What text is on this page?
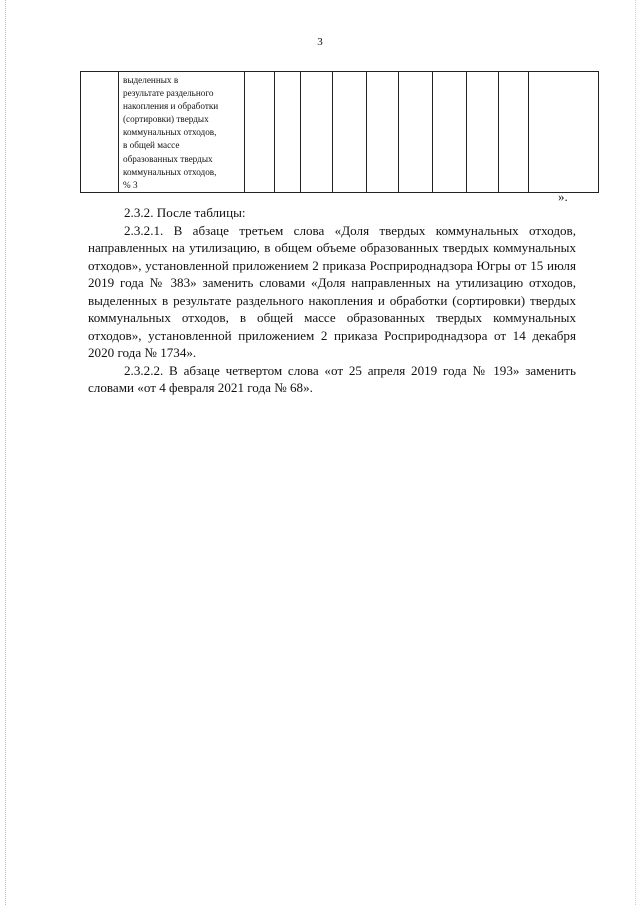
3
	выделенных в
результате раздельного
накопления и обработки
(сортировки) твердых
коммунальных отходов,
в общей массе
образованных твердых
коммунальных отходов,
% 3										
».

2.3.2. После таблицы:

2.3.2.1. В абзаце третьем слова «Доля твердых коммунальных отходов, направленных на утилизацию, в общем объеме образованных твердых коммунальных отходов», установленной приложением 2 приказа Росприроднадзора Югры от 15 июля 2019 года № 383» заменить словами «Доля направленных на утилизацию отходов, выделенных в результате раздельного накопления и обработки (сортировки) твердых коммунальных отходов, в общей массе образованных твердых коммунальных отходов», установленной приложением 2 приказа Росприроднадзора от 14 декабря 2020 года № 1734».

2.3.2.2. В абзаце четвертом слова «от 25 апреля 2019 года № 193» заменить словами «от 4 февраля 2021 года № 68».
